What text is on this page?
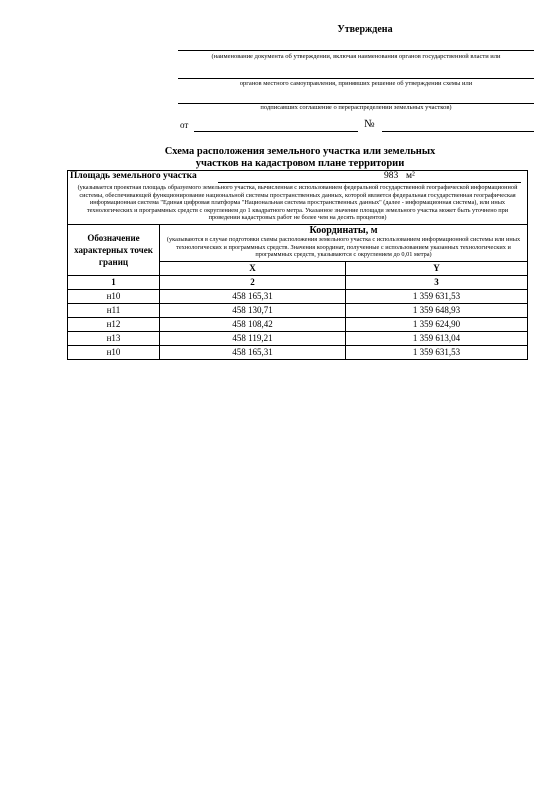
Утверждена
(наименование документа об утверждении, включая наименования органов государственной власти или
органов местного самоуправления, принявших решение об утверждении схемы или
подписавших соглашение о перераспределении земельных участков)
от	№
Схема расположения земельного участка или земельных
участков на кадастровом плане территории
Площадь земельного участка 983 м²
(указывается проектная площадь образуемого земельного участка, вычисленная с использованием федеральной государственной географической информационной системы, обеспечивающей функционирование национальной системы пространственных данных, которой является федеральная государственная географическая информационная система "Единая цифровая платформа "Национальная система пространственных данных" (далее - информационная система), или иных технологических и программных средств с округлением до 1 квадратного метра. Указанное значение площади земельного участка может быть уточнено при проведении кадастровых работ не более чем на десять процентов)		

Обозначение характерных точек границ	Координаты, м
(указываются в случае подготовки схемы расположения земельного участка с использованием информационной системы или иных технологических и программных средств. Значения координат, полученные с использованием указанных технологических и программных средств, указываются с округлением до 0,01 метра)	

	X	Y
1	2	3
н10	458 165,31	1 359 631,53
н11	458 130,71	1 359 648,93
н12	458 108,42	1 359 624,90
н13	458 119,21	1 359 613,04
н10	458 165,31	1 359 631,53
